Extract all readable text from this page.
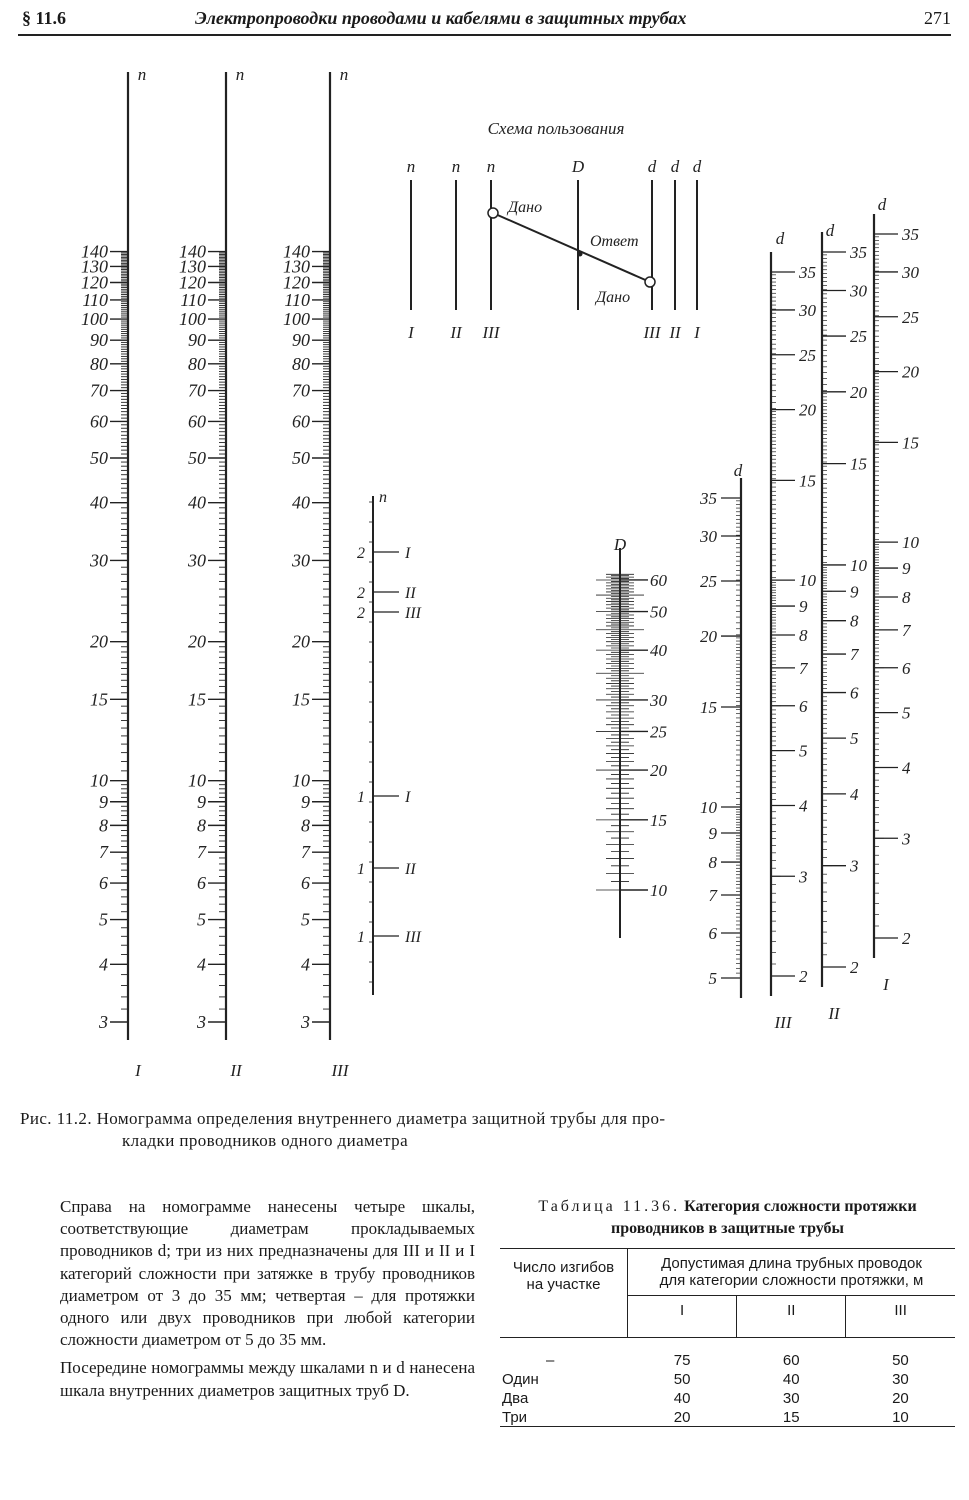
§ 11.6	Электропроводки проводами и кабелями в защитных трубах	271
3
4
5
6
7
8
9
10
15
20
30
40
50
60
70
80
90
100
110
120
130
140
n
I
3
4
5
6
7
8
9
10
15
20
30
40
50
60
70
80
90
100
110
120
130
140
n
II
3
4
5
6
7
8
9
10
15
20
30
40
50
60
70
80
90
100
110
120
130
140
n
III
n
2	I
2	II
2	III
1	I
1	II
1	III
D
10
15
20
25
30
40
50
60
5
6
7
8
9
10
15
20
25
30
35
d
2
3
4
5
6
7
8
9
10
15
20
25
30
35
d
III
2
3
4
5
6
7
8
9
10
15
20
25
30
35
d
II
2
3
4
5
6
7
8
9
10
15
20
25
30
35
d
I
Схема пользования
n n n	D	d d d
I II III	III II I
Дано
Ответ
Дано
Рис. 11.2. Номограмма определения внутреннего диаметра защитной трубы для про-
кладки проводников одного диаметра

Справа на номограмме нанесены четыре шкалы, соответствующие диаметрам прокладываемых проводников d; три из них предназначены для III и II и I категорий сложности при затяжке в трубу проводников диаметром от 3 до 35 мм; четвертая – для протяжки одного или двух проводников при любой категории сложности диаметром от 5 до 35 мм.

Посередине номограммы между шкалами n и d нанесена шкала внутренних диаметров защитных труб D.

Таблица 11.36. Категория сложности протяжки проводников в защитные трубы
Число изгибов на участке	Допустимая длина трубных проводок для категории сложности протяжки, м		
	I	II	III
–	75	60	50
Один	50	40	30
Два	40	30	20
Три	20	15	10
